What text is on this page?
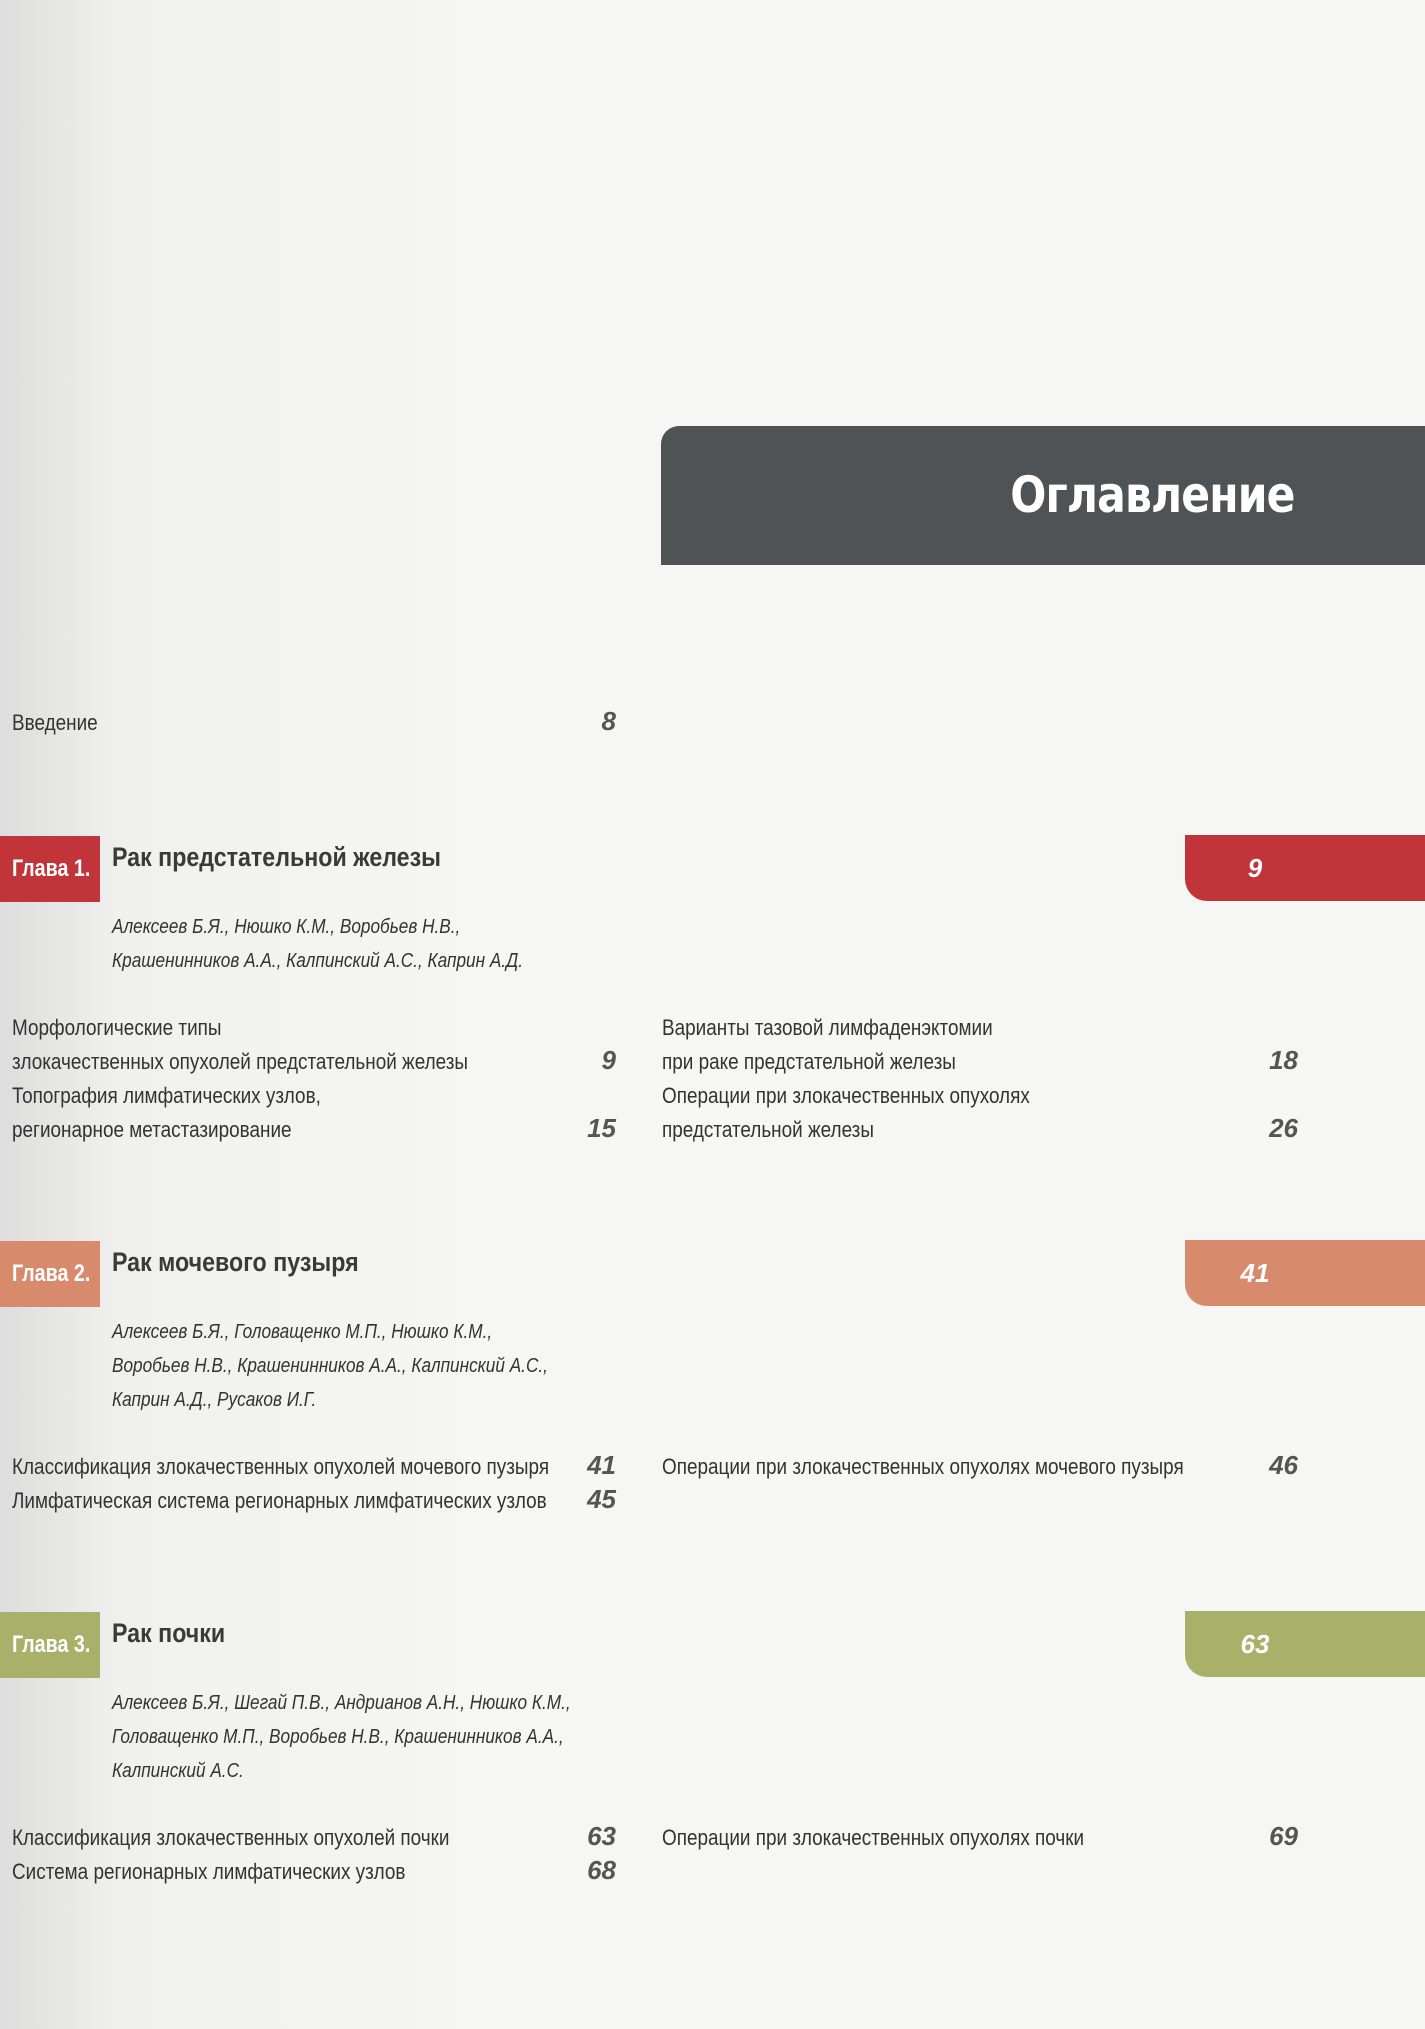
Оглавление
Введение	8
Глава 1. Рак предстательной железы	9
Алексеев Б.Я., Нюшко К.М., Воробьев Н.В.,
Крашенинников А.А., Калпинский А.С., Каприн А.Д.
Морфологические типы
злокачественных опухолей предстательной железы	9
Топография лимфатических узлов,
регионарное метастазирование	15
Варианты тазовой лимфаденэктомии
при раке предстательной железы	18
Операции при злокачественных опухолях
предстательной железы	26
Глава 2. Рак мочевого пузыря	41
Алексеев Б.Я., Головащенко М.П., Нюшко К.М.,
Воробьев Н.В., Крашенинников А.А., Калпинский А.С.,
Каприн А.Д., Русаков И.Г.
Классификация злокачественных опухолей мочевого пузыря	41
Лимфатическая система регионарных лимфатических узлов	45
Операции при злокачественных опухолях мочевого пузыря	46
Глава 3. Рак почки	63
Алексеев Б.Я., Шегай П.В., Андрианов А.Н., Нюшко К.М.,
Головащенко М.П., Воробьев Н.В., Крашенинников А.А.,
Калпинский А.С.
Классификация злокачественных опухолей почки	63
Система регионарных лимфатических узлов	68
Операции при злокачественных опухолях почки	69
